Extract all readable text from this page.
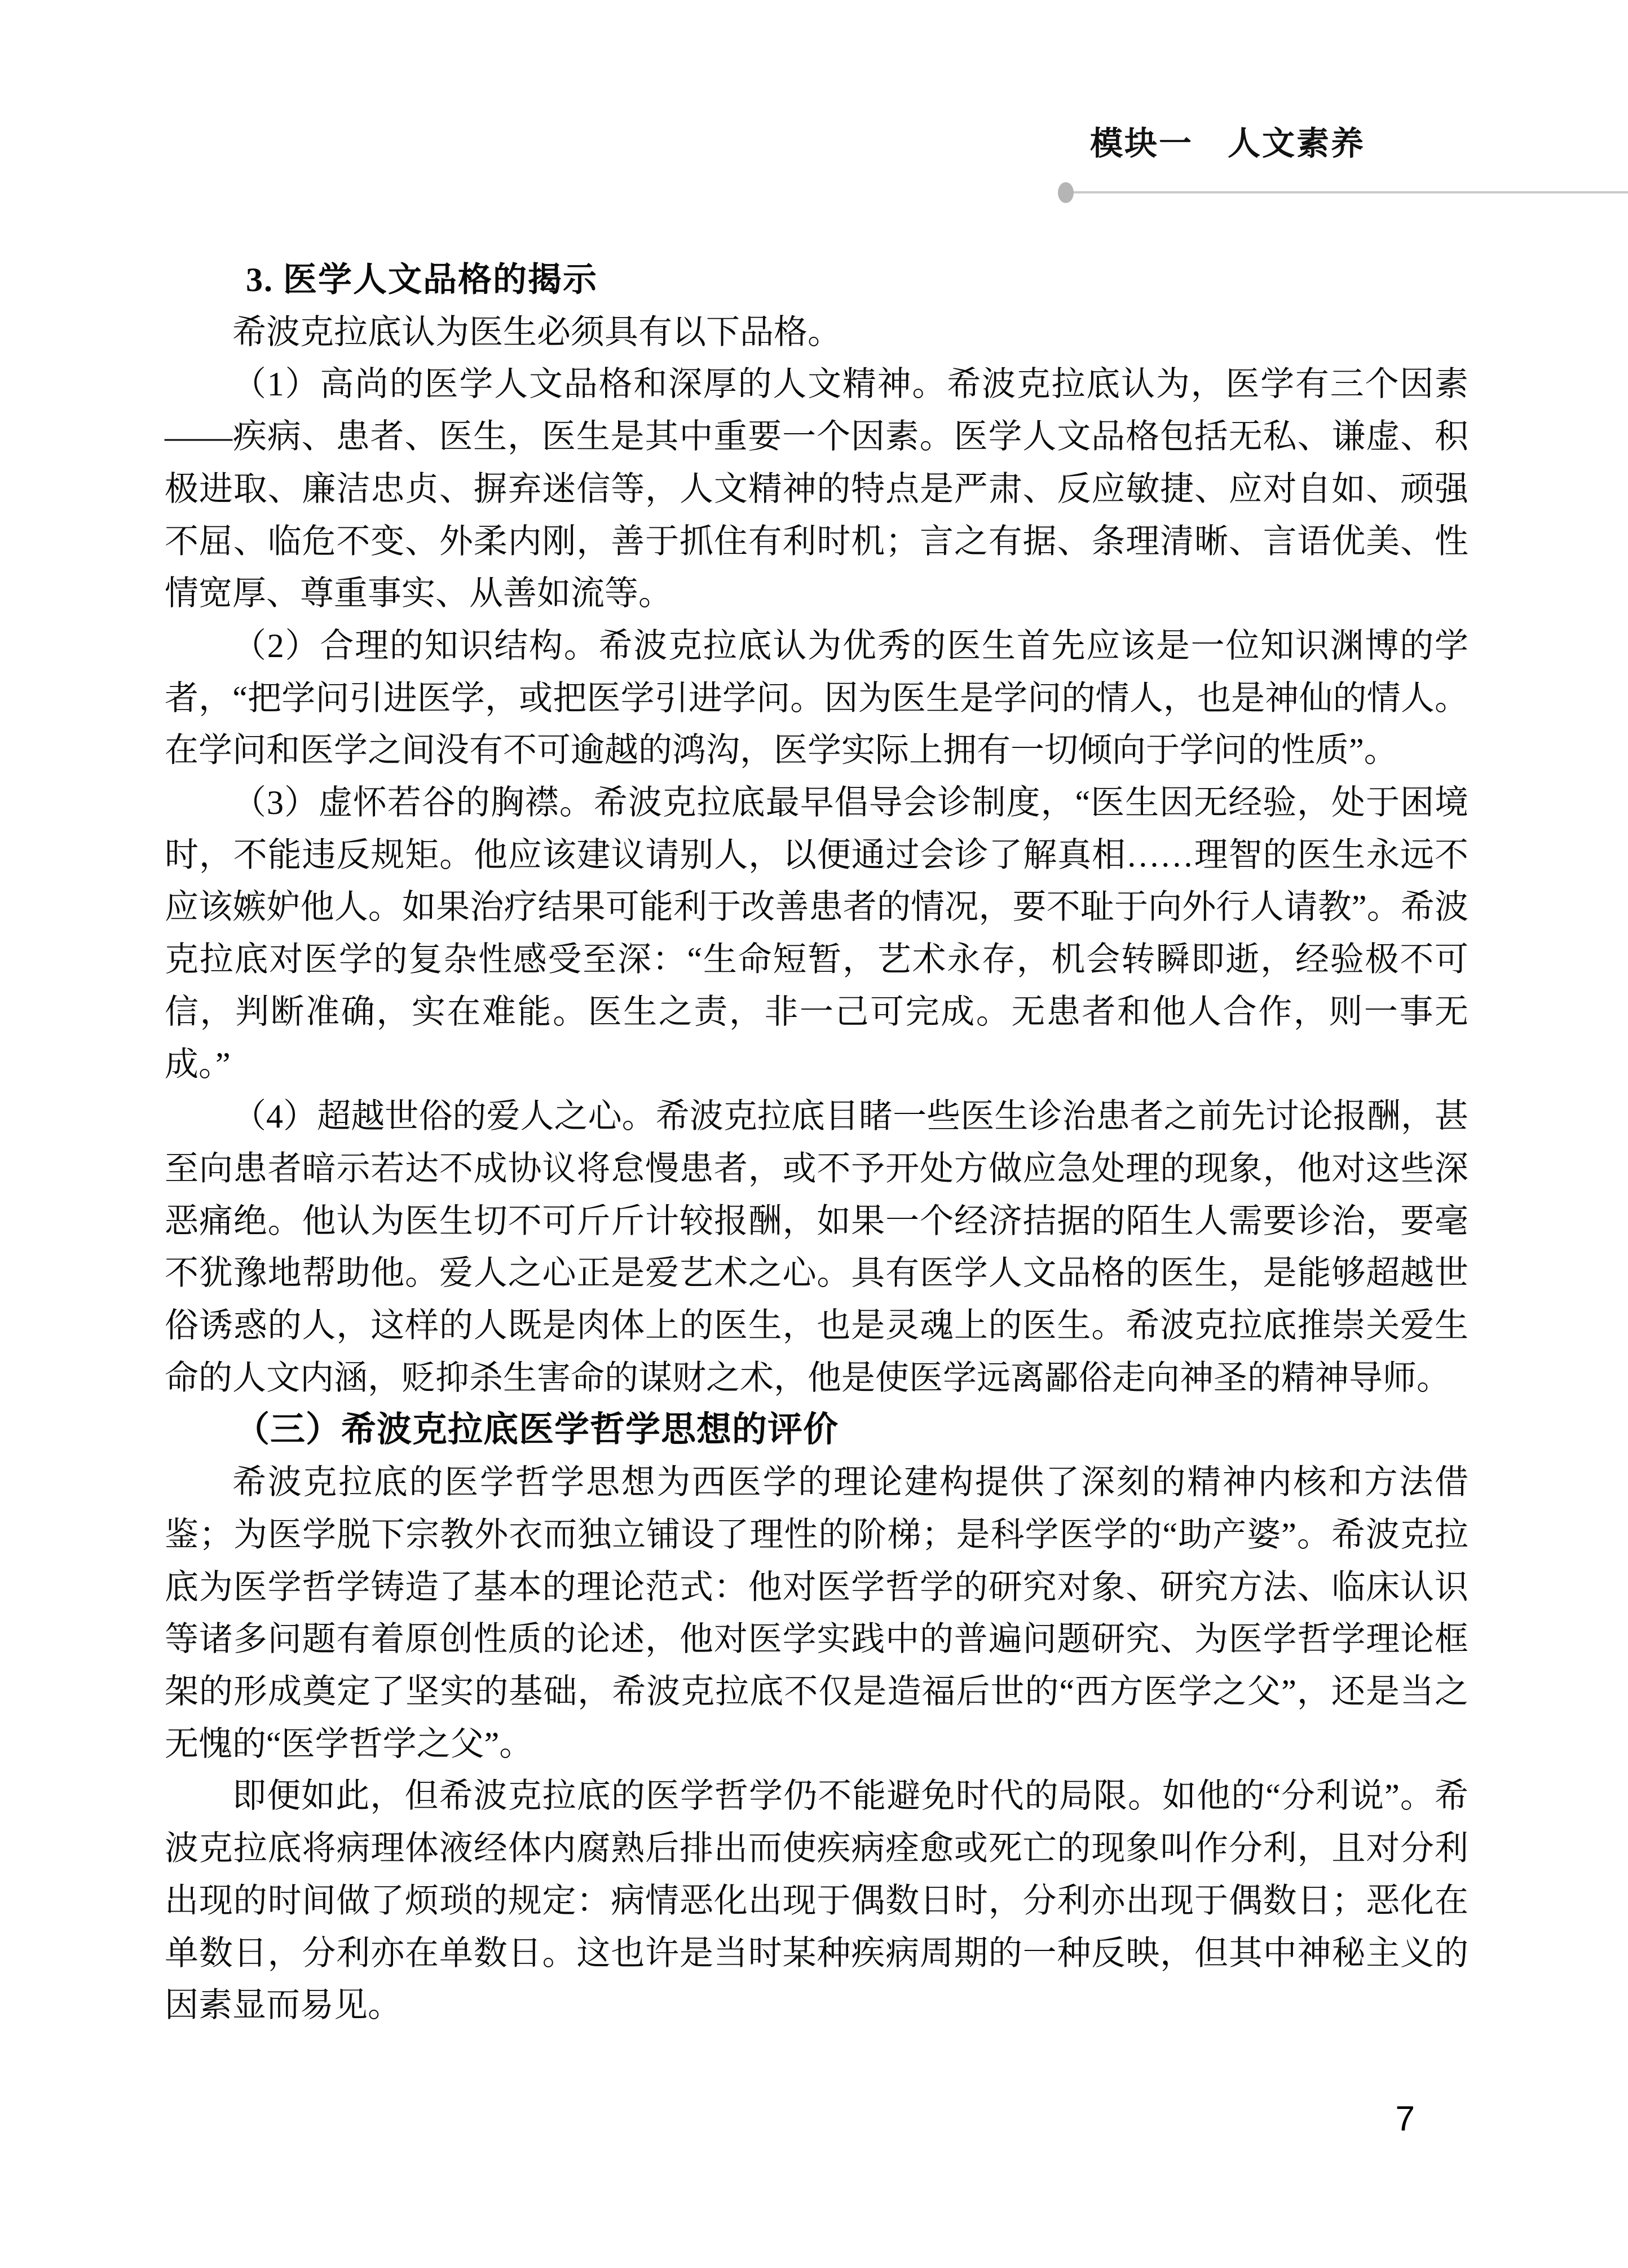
模块一　人文素养

3. 医学人文品格的揭示

希波克拉底认为医生必须具有以下品格。

（1）高尚的医学人文品格和深厚的人文精神。希波克拉底认为，医学有三个因素——疾病、患者、医生，医生是其中重要一个因素。医学人文品格包括无私、谦虚、积极进取、廉洁忠贞、摒弃迷信等，人文精神的特点是严肃、反应敏捷、应对自如、顽强不屈、临危不变、外柔内刚，善于抓住有利时机；言之有据、条理清晰、言语优美、性情宽厚、尊重事实、从善如流等。

（2）合理的知识结构。希波克拉底认为优秀的医生首先应该是一位知识渊博的学者，“把学问引进医学，或把医学引进学问。因为医生是学问的情人，也是神仙的情人。在学问和医学之间没有不可逾越的鸿沟，医学实际上拥有一切倾向于学问的性质”。

（3）虚怀若谷的胸襟。希波克拉底最早倡导会诊制度，“医生因无经验，处于困境时，不能违反规矩。他应该建议请别人，以便通过会诊了解真相……理智的医生永远不应该嫉妒他人。如果治疗结果可能利于改善患者的情况，要不耻于向外行人请教”。希波克拉底对医学的复杂性感受至深：“生命短暂，艺术永存，机会转瞬即逝，经验极不可信，判断准确，实在难能。医生之责，非一己可完成。无患者和他人合作，则一事无成。”

（4）超越世俗的爱人之心。希波克拉底目睹一些医生诊治患者之前先讨论报酬，甚至向患者暗示若达不成协议将怠慢患者，或不予开处方做应急处理的现象，他对这些深恶痛绝。他认为医生切不可斤斤计较报酬，如果一个经济拮据的陌生人需要诊治，要毫不犹豫地帮助他。爱人之心正是爱艺术之心。具有医学人文品格的医生，是能够超越世俗诱惑的人，这样的人既是肉体上的医生，也是灵魂上的医生。希波克拉底推崇关爱生命的人文内涵，贬抑杀生害命的谋财之术，他是使医学远离鄙俗走向神圣的精神导师。

（三）希波克拉底医学哲学思想的评价

希波克拉底的医学哲学思想为西医学的理论建构提供了深刻的精神内核和方法借鉴；为医学脱下宗教外衣而独立铺设了理性的阶梯；是科学医学的“助产婆”。希波克拉底为医学哲学铸造了基本的理论范式：他对医学哲学的研究对象、研究方法、临床认识等诸多问题有着原创性质的论述，他对医学实践中的普遍问题研究、为医学哲学理论框架的形成奠定了坚实的基础，希波克拉底不仅是造福后世的“西方医学之父”，还是当之无愧的“医学哲学之父”。

即便如此，但希波克拉底的医学哲学仍不能避免时代的局限。如他的“分利说”。希波克拉底将病理体液经体内腐熟后排出而使疾病痊愈或死亡的现象叫作分利，且对分利出现的时间做了烦琐的规定：病情恶化出现于偶数日时，分利亦出现于偶数日；恶化在单数日，分利亦在单数日。这也许是当时某种疾病周期的一种反映，但其中神秘主义的因素显而易见。

7
